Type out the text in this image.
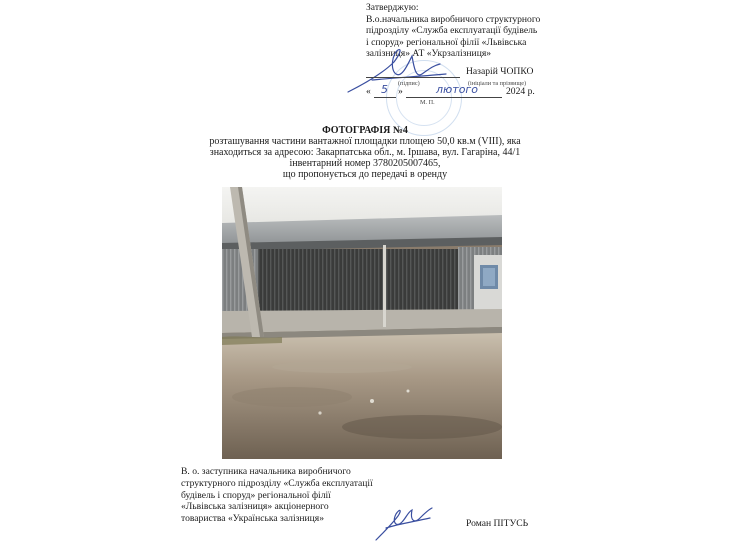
Затверджую:
В.о.начальника виробничого структурного
підрозділу «Служба експлуатації будівель
і споруд» регіональної філії «Львівська
залізниця» АТ «Укрзалізниця»
Назарій ЧОПКО
(підпис)	(ініціали та прізвище)
« 5 »	лютого	2024 р.
М. П.
ФОТОГРАФІЯ №4
розташування частини вантажної площадки площею 50,0 кв.м (VIII), яка
знаходиться за адресою: Закарпатська обл., м. Іршава, вул. Гагаріна, 44/1
інвентарний номер 3780205007465,
що пропонується до передачі в оренду
В. о. заступника начальника виробничого
структурного підрозділу «Служба експлуатації
будівель і споруд» регіональної філії
«Львівська залізниця» акціонерного
товариства «Українська залізниця»	Роман ПІТУСЬ
